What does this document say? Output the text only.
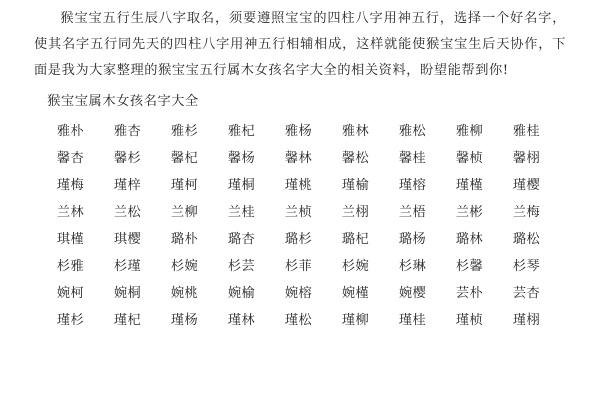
猴宝宝五行生辰八字取名，须要遵照宝宝的四柱八字用神五行，选择一个好名字，使其名字五行同先天的四柱八字用神五行相辅相成，这样就能使猴宝宝生后天协作，下面是我为大家整理的猴宝宝五行属木女孩名字大全的相关资料，盼望能帮到你!

猴宝宝属木女孩名字大全

雅朴	雅杏	雅杉	雅杞	雅杨	雅林	雅松	雅柳	雅桂
馨杏	馨杉	馨杞	馨杨	馨林	馨松	馨桂	馨桢	馨栩
瑾梅	瑾梓	瑾柯	瑾桐	瑾桃	瑾榆	瑾榕	瑾槿	瑾樱
兰林	兰松	兰柳	兰桂	兰桢	兰栩	兰梧	兰彬	兰梅
琪槿	琪樱	璐朴	璐杏	璐杉	璐杞	璐杨	璐林	璐松
杉雅	杉瑾	杉婉	杉芸	杉菲	杉婉	杉琳	杉馨	杉琴
婉柯	婉桐	婉桃	婉榆	婉榕	婉槿	婉樱	芸朴	芸杏
瑾杉	瑾杞	瑾杨	瑾林	瑾松	瑾柳	瑾桂	瑾桢	瑾栩
